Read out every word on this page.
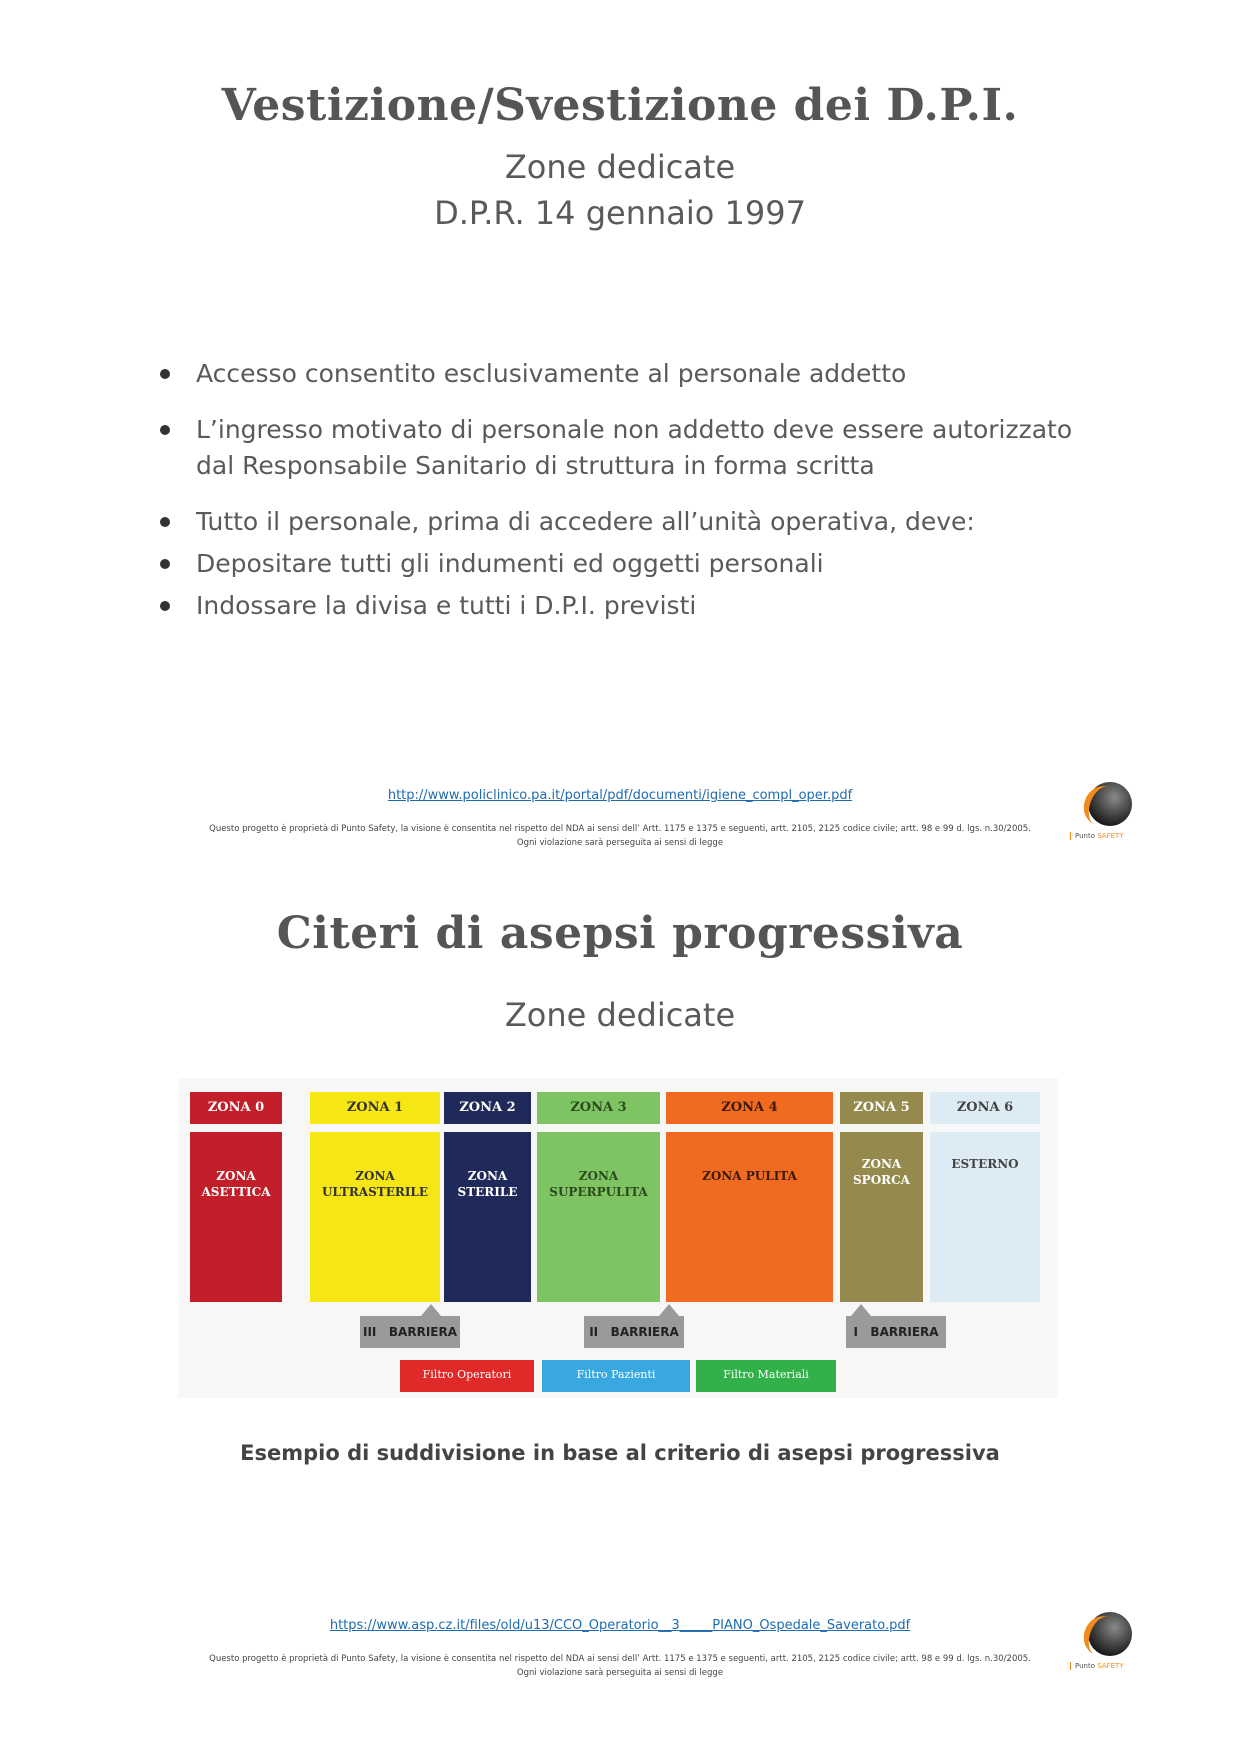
Vestizione/Svestizione dei D.P.I.
Zone dedicate
D.P.R. 14 gennaio 1997
Accesso consentito esclusivamente al personale addetto
L’ingresso motivato di personale non addetto deve essere autorizzato dal Responsabile Sanitario di struttura in forma scritta
Tutto il personale, prima di accedere all’unità operativa, deve:
Depositare tutti gli indumenti ed oggetti personali
Indossare la divisa e tutti i D.P.I. previsti
http://www.policlinico.pa.it/portal/pdf/documenti/igiene_compl_oper.pdf
Questo progetto è proprietà di Punto Safety, la visione è consentita nel rispetto del NDA ai sensi dell’ Artt. 1175 e 1375 e seguenti, artt. 2105, 2125 codice civile; artt. 98 e 99 d. lgs. n.30/2005.
Ogni violazione sarà perseguita ai sensi di legge
Punto SAFETY
Citeri di asepsi progressiva
Zone dedicate
ZONA 0
ZONA ASETTICA
ZONA 1
ZONA ULTRASTERILE
ZONA 2
ZONA STERILE
ZONA 3
ZONA SUPERPULITA
ZONA 4
ZONA PULITA
ZONA 5
ZONA SPORCA
ZONA 6
ESTERNO
III   BARRIERA	II   BARRIERA	I   BARRIERA
Filtro Operatori	Filtro Pazienti	Filtro Materiali
Esempio di suddivisione in base al criterio di asepsi progressiva
https://www.asp.cz.it/files/old/u13/CCO_Operatorio__3_____PIANO_Ospedale_Saverato.pdf
Questo progetto è proprietà di Punto Safety, la visione è consentita nel rispetto del NDA ai sensi dell’ Artt. 1175 e 1375 e seguenti, artt. 2105, 2125 codice civile; artt. 98 e 99 d. lgs. n.30/2005.
Ogni violazione sarà perseguita ai sensi di legge
Punto SAFETY
